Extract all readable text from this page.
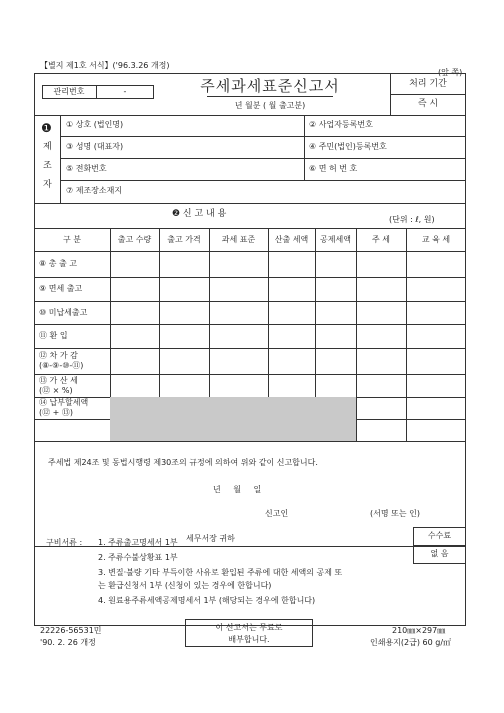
【별지 제1호 서식】('96.3.26 개정)
(앞 쪽)
관리번호	-	주세과세표준신고서
년 월분 ( 월 출고분)
처리 기간
즉 시
❶
제
조
자
① 상호 (법인명)	② 사업자등록번호
③ 성명 (대표자)	④ 주민(법인)등록번호
⑤ 전화번호	⑥ 면 허 번 호
⑦ 제조장소재지
❷ 신 고 내 용
(단위 : ℓ, 원)
구 분	출고 수량	출고 가격	과세 표준	산출 세액	공제세액	주 세	교 육 세
⑧ 총 출 고
⑨ 면세 출고
⑩ 미납세출고
⑪ 환 입
⑫ 차 가 감
(⑧-⑨-⑩-⑪)
⑬ 가 산 세
(⑫ × %)
⑭ 납부할세액
(⑫ + ⑬)
주세법 제24조 및 동법시행령 제30조의 규정에 의하여 위와 같이 신고합니다.
년 월 일
신고인	(서명 또는 인)
세무서장 귀하	수수료
없 음
구비서류 : 1. 주류출고명세서 1부
2. 주류수불상황표 1부
3. 변질·불량 기타 부득이한 사유로 환입된 주류에 대한 세액의 공제 또
는 환급신청서 1부 (신청이 있는 경우에 한합니다)
4. 원료용주류세액공제명세서 1부 (해당되는 경우에 한합니다)
22226-56531민
'90. 2. 26 개정
이 신고서는 무료로
배부합니다.
210㎜×297㎜
인쇄용지(2급) 60 g/㎡
